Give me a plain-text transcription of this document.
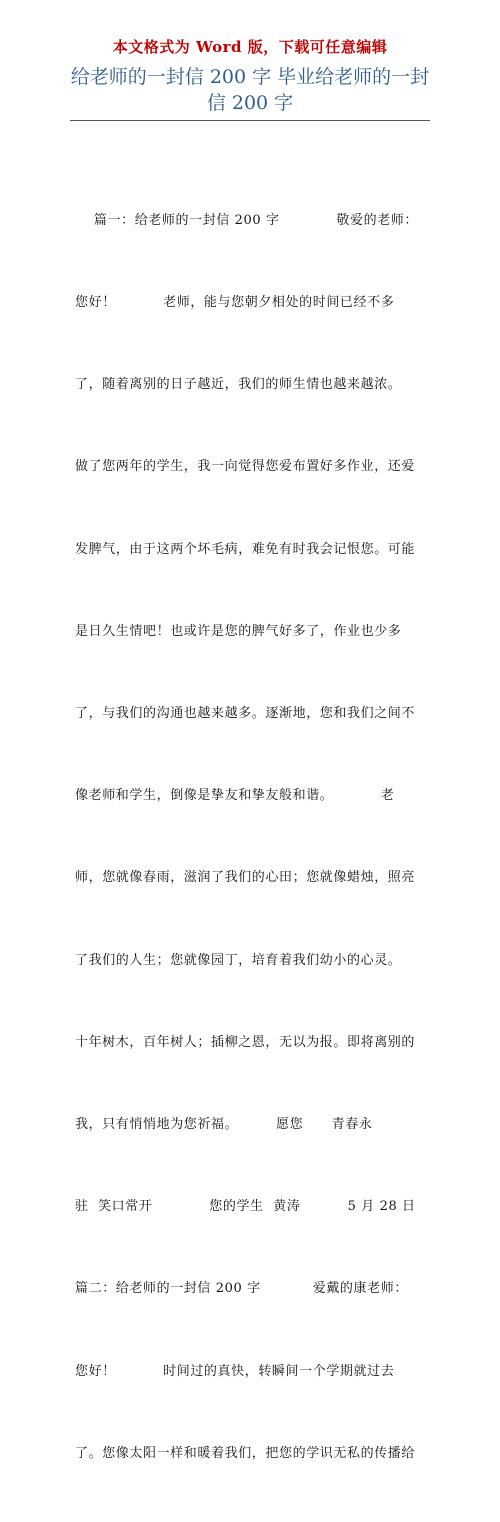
本文格式为 Word 版，下载可任意编辑
给老师的一封信 200 字 毕业给老师的一封
信 200 字

篇一：给老师的一封信 200 字            敬爱的老师：

您好！          老师，能与您朝夕相处的时间已经不多

了，随着离别的日子越近，我们的师生情也越来越浓。

做了您两年的学生，我一向觉得您爱布置好多作业，还爱

发脾气，由于这两个坏毛病，难免有时我会记恨您。可能

是日久生情吧！也或许是您的脾气好多了，作业也少多

了，与我们的沟通也越来越多。逐渐地，您和我们之间不

像老师和学生，倒像是挚友和挚友般和谐。          老

师，您就像春雨，滋润了我们的心田；您就像蜡烛，照亮

了我们的人生；您就像园丁，培育着我们幼小的心灵。

十年树木，百年树人；插柳之恩，无以为报。即将离别的

我，只有悄悄地为您祈福。        愿您      青春永

驻  笑口常开            您的学生  黄涛          5 月 28 日

篇二：给老师的一封信 200 字           爱戴的康老师：

您好！          时间过的真快，转瞬间一个学期就过去

了。您像太阳一样和暖着我们，把您的学识无私的传播给
